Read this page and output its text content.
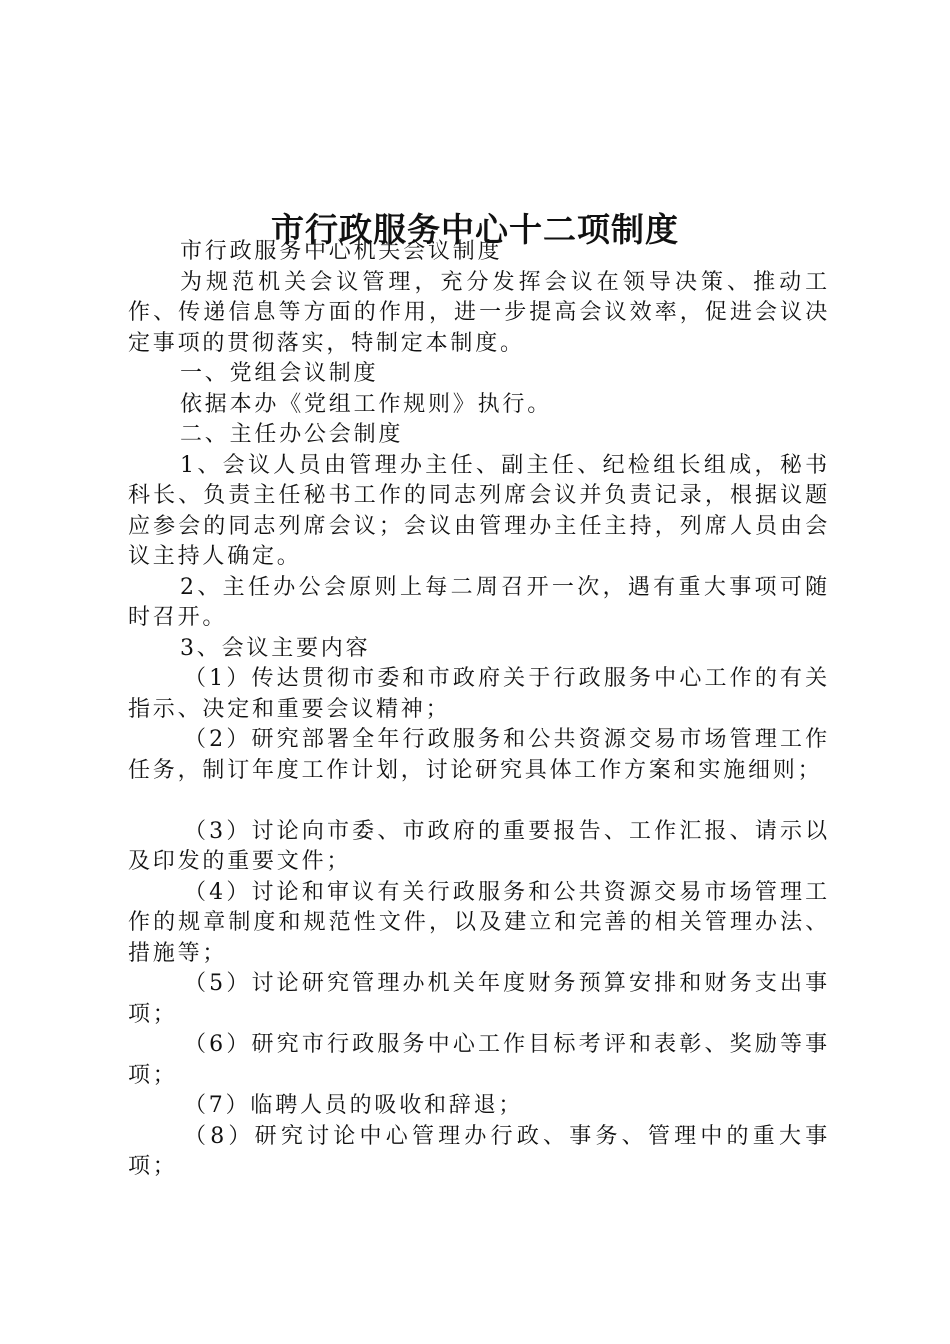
市行政服务中心十二项制度

市行政服务中心机关会议制度

为规范机关会议管理，充分发挥会议在领导决策、推动工作、传递信息等方面的作用，进一步提高会议效率，促进会议决定事项的贯彻落实，特制定本制度。

一、党组会议制度

依据本办《党组工作规则》执行。

二、主任办公会制度

1、会议人员由管理办主任、副主任、纪检组长组成，秘书科长、负责主任秘书工作的同志列席会议并负责记录，根据议题应参会的同志列席会议；会议由管理办主任主持，列席人员由会议主持人确定。

2、主任办公会原则上每二周召开一次，遇有重大事项可随时召开。

3、会议主要内容

（1）传达贯彻市委和市政府关于行政服务中心工作的有关指示、决定和重要会议精神；

（2）研究部署全年行政服务和公共资源交易市场管理工作任务，制订年度工作计划，讨论研究具体工作方案和实施细则；

（3）讨论向市委、市政府的重要报告、工作汇报、请示以及印发的重要文件；

（4）讨论和审议有关行政服务和公共资源交易市场管理工作的规章制度和规范性文件，以及建立和完善的相关管理办法、措施等；

（5）讨论研究管理办机关年度财务预算安排和财务支出事项；

（6）研究市行政服务中心工作目标考评和表彰、奖励等事项；

（7）临聘人员的吸收和辞退；

（8）研究讨论中心管理办行政、事务、管理中的重大事项；
